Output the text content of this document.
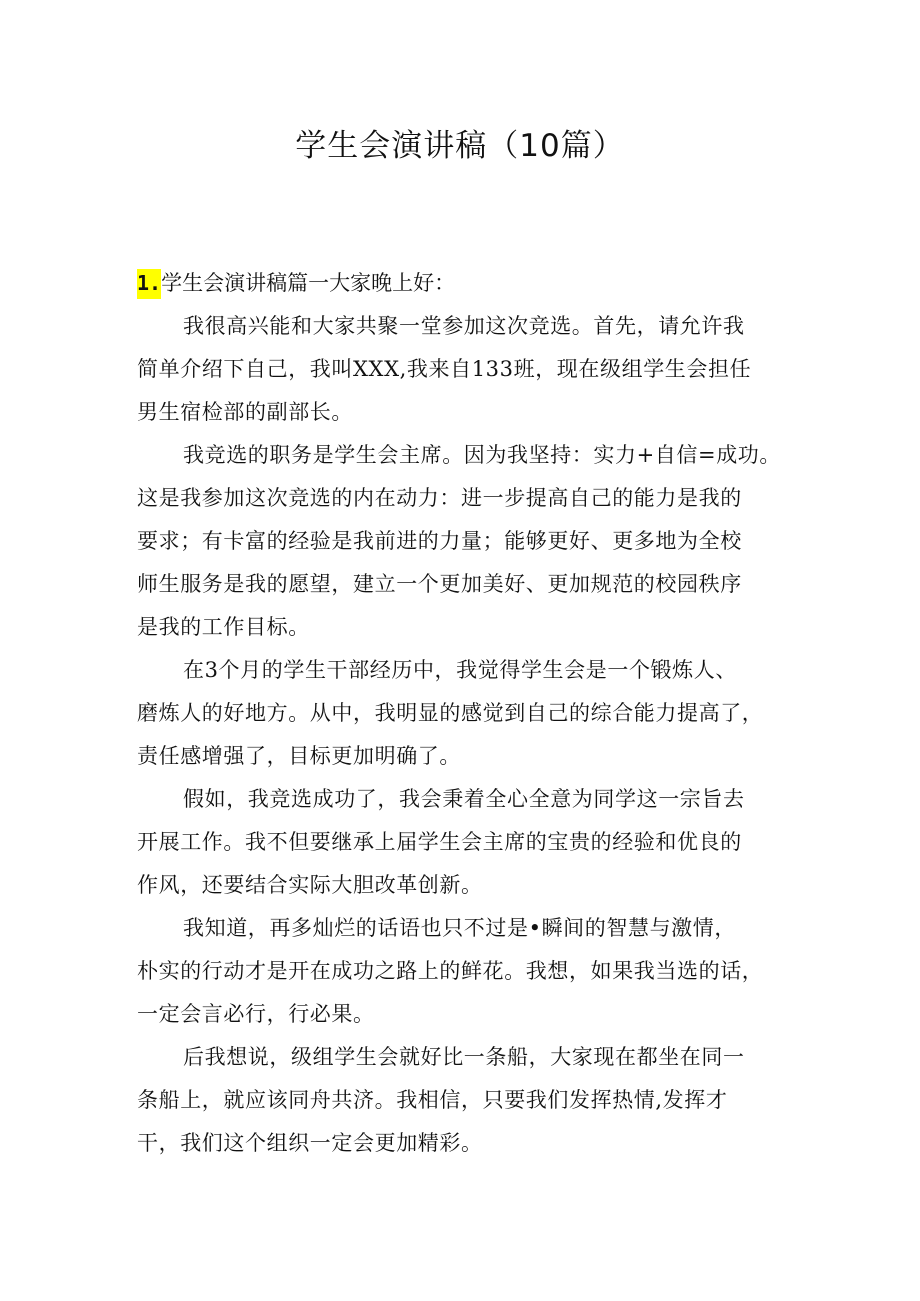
学生会演讲稿（10篇）

1.学生会演讲稿篇一大家晚上好：

我很高兴能和大家共聚一堂参加这次竞选。首先，请允许我
简单介绍下自己，我叫XXX,我来自133班，现在级组学生会担任
男生宿检部的副部长。
我竞选的职务是学生会主席。因为我坚持：实力+自信=成功。
这是我参加这次竞选的内在动力：进一步提高自己的能力是我的
要求；有卡富的经验是我前进的力量；能够更好、更多地为全校
师生服务是我的愿望，建立一个更加美好、更加规范的校园秩序
是我的工作目标。
在3个月的学生干部经历中，我觉得学生会是一个锻炼人、
磨炼人的好地方。从中，我明显的感觉到自己的综合能力提高了，
责任感增强了，目标更加明确了。
假如，我竞选成功了，我会秉着全心全意为同学这一宗旨去
开展工作。我不但要继承上届学生会主席的宝贵的经验和优良的
作风，还要结合实际大胆改革创新。
我知道，再多灿烂的话语也只不过是•瞬间的智慧与激情，
朴实的行动才是开在成功之路上的鲜花。我想，如果我当选的话，
一定会言必行，行必果。
后我想说，级组学生会就好比一条船，大家现在都坐在同一
条船上，就应该同舟共济。我相信，只要我们发挥热情,发挥才
干，我们这个组织一定会更加精彩。
